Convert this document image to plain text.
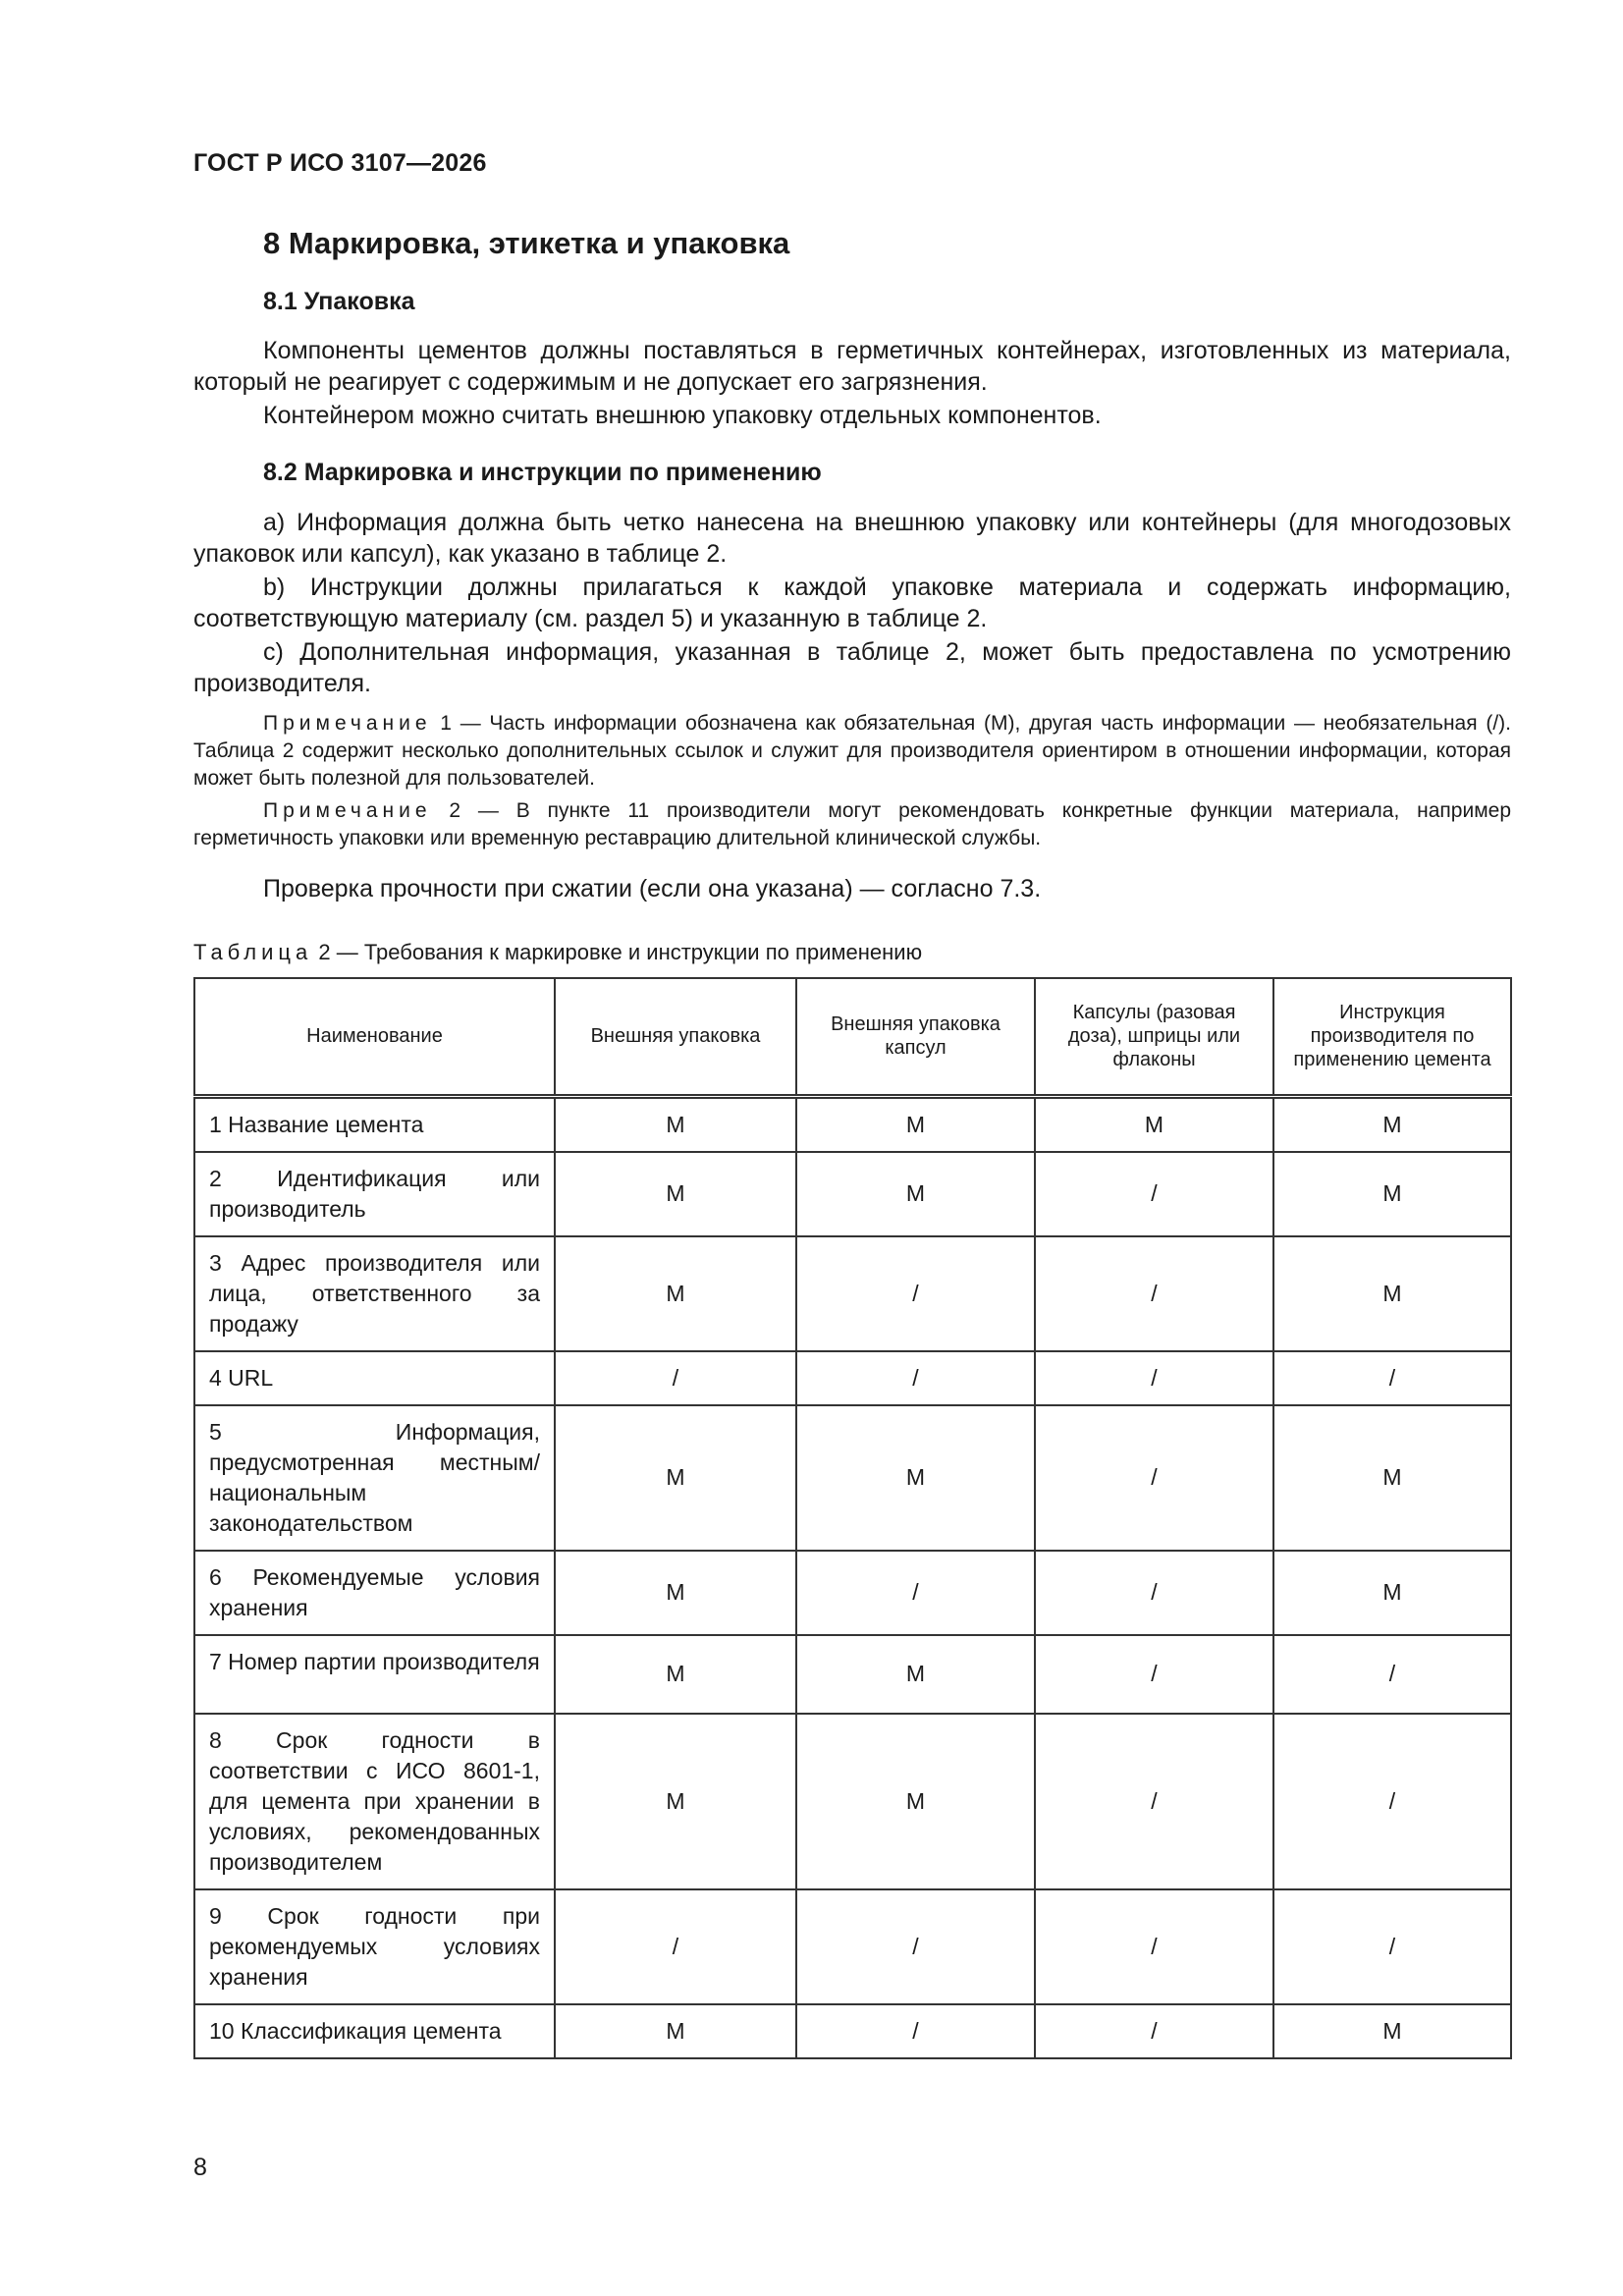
ГОСТ Р ИСО 3107—2026
8 Маркировка, этикетка и упаковка
8.1 Упаковка
Компоненты цементов должны поставляться в герметичных контейнерах, изготовленных из материала, который не реагирует с содержимым и не допускает его загрязнения.
Контейнером можно считать внешнюю упаковку отдельных компонентов.
8.2 Маркировка и инструкции по применению
a) Информация должна быть четко нанесена на внешнюю упаковку или контейнеры (для многодозовых упаковок или капсул), как указано в таблице 2.
b) Инструкции должны прилагаться к каждой упаковке материала и содержать информацию, соответствующую материалу (см. раздел 5) и указанную в таблице 2.
c) Дополнительная информация, указанная в таблице 2, может быть предоставлена по усмотрению производителя.
Примечание 1 — Часть информации обозначена как обязательная (M), другая часть информации — необязательная (/). Таблица 2 содержит несколько дополнительных ссылок и служит для производителя ориентиром в отношении информации, которая может быть полезной для пользователей.
Примечание 2 — В пункте 11 производители могут рекомендовать конкретные функции материала, например герметичность упаковки или временную реставрацию длительной клинической службы.
Проверка прочности при сжатии (если она указана) — согласно 7.3.
Таблица 2 — Требования к маркировке и инструкции по применению
Наименование	Внешняя упаковка	Внешняя упаковка капсул	Капсулы (разовая доза), шприцы или флаконы	Инструкция производителя по применению цемента
1 Название цемента	M	M	M	M
2 Идентификация или производитель	M	M	/	M
3 Адрес производителя или лица, ответственного за продажу	M	/	/	M
4 URL	/	/	/	/
5 Информация, предусмотренная местным/национальным законодательством	M	M	/	M
6 Рекомендуемые условия хранения	M	/	/	M
7 Номер партии производителя	M	M	/	/
8 Срок годности в соответствии с ИСО 8601-1, для цемента при хранении в условиях, рекомендованных производителем	M	M	/	/
9 Срок годности при рекомендуемых условиях хранения	/	/	/	/
10 Классификация цемента	M	/	/	M
8
